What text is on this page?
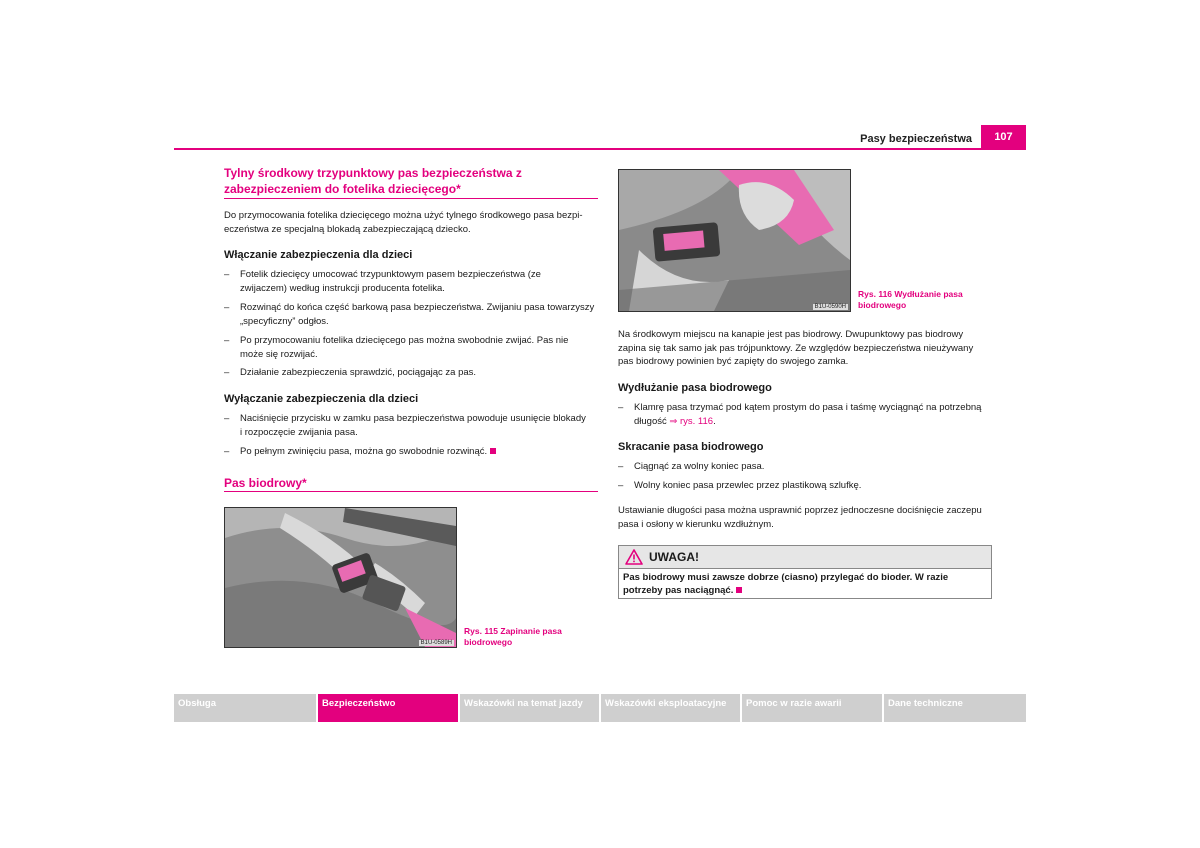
Pasy bezpieczeństwa	107
Tylny środkowy trzypunktowy pas bezpieczeństwa z
zabezpieczeniem do fotelika dziecięcego*
Do przymocowania fotelika dziecięcego można użyć tylnego środkowego pasa bezpi-
eczeństwa ze specjalną blokadą zabezpieczającą dziecko.
Włączanie zabezpieczenia dla dzieci
– Fotelik dziecięcy umocować trzypunktowym pasem bezpieczeństwa (ze
zwijaczem) według instrukcji producenta fotelika.
– Rozwinąć do końca część barkową pasa bezpieczeństwa. Zwijaniu pasa towarzyszy
„specyficzny” odgłos.
– Po przymocowaniu fotelika dziecięcego pas można swobodnie zwijać. Pas nie
może się rozwijać.
– Działanie zabezpieczenia sprawdzić, pociągając za pas.
Wyłączanie zabezpieczenia dla dzieci
– Naciśnięcie przycisku w zamku pasa bezpieczeństwa powoduje usunięcie blokady
i rozpoczęcie zwijania pasa.
– Po pełnym zwinięciu pasa, można go swobodnie rozwinąć.
Pas biodrowy*
B1U-0589H
Rys. 115 Zapinanie pasa
biodrowego
B1U-0590H
Rys. 116 Wydłużanie pasa
biodrowego
Na środkowym miejscu na kanapie jest pas biodrowy. Dwupunktowy pas biodrowy
zapina się tak samo jak pas trójpunktowy. Ze względów bezpieczeństwa nieużywany
pas biodrowy powinien być zapięty do swojego zamka.
Wydłużanie pasa biodrowego
– Klamrę pasa trzymać pod kątem prostym do pasa i taśmę wyciągnąć na potrzebną
długość ⇒ rys. 116.
Skracanie pasa biodrowego
– Ciągnąć za wolny koniec pasa.
– Wolny koniec pasa przewlec przez plastikową szlufkę.
Ustawianie długości pasa można usprawnić poprzez jednoczesne dociśnięcie zaczepu
pasa i osłony w kierunku wzdłużnym.
UWAGA!
Pas biodrowy musi zawsze dobrze (ciasno) przylegać do bioder. W razie
potrzeby pas naciągnąć.
Obsługa	Bezpieczeństwo	Wskazówki na temat jazdy	Wskazówki eksploatacyjne	Pomoc w razie awarii	Dane techniczne
